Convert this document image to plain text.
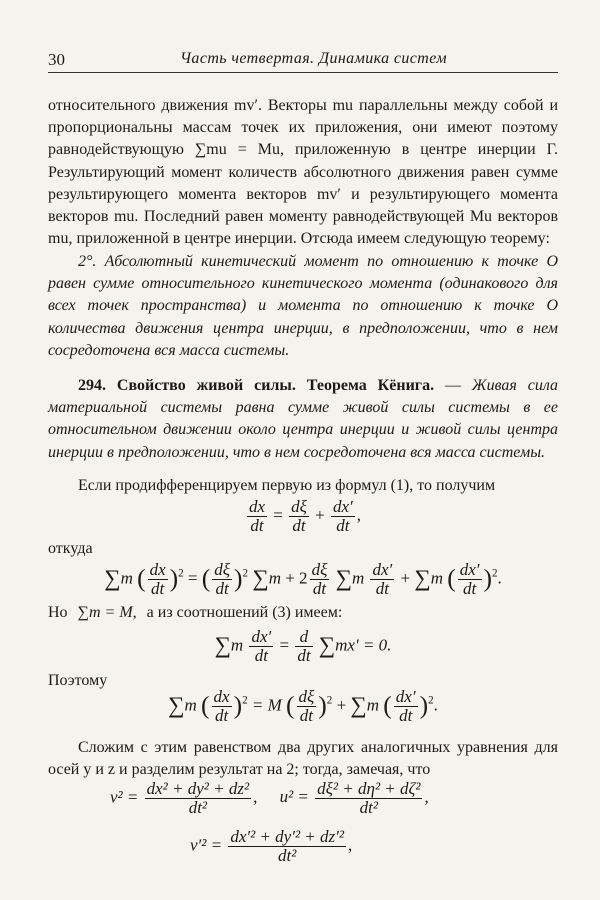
30	Часть четвертая. Динамика систем

относительного движения mv′. Векторы mu параллельны между собой и пропорциональны массам точек их приложения, они имеют поэтому равнодействующую ∑mu = Mu, приложенную в центре инерции Γ. Результирующий момент количеств абсолютного движения равен сумме результирующего момента векторов mv′ и результирующего момента векторов mu. Последний равен моменту равнодействующей Mu векторов mu, приложенной в центре инерции. Отсюда имеем следующую теорему:

2°. Абсолютный кинетический момент по отношению к точке O равен сумме относительного кинетического момента (одинакового для всех точек пространства) и момента по отношению к точке O количества движения центра инерции, в предположении, что в нем сосредоточена вся масса системы.

294. Свойство живой силы. Теорема Кёнига. — Живая сила материальной системы равна сумме живой силы системы в ее относительном движении около центра инерции и живой силы центра инерции в предположении, что в нем сосредоточена вся масса системы.

Если продифференцируем первую из формул (1), то получим

$\frac{dx}{dt} = \frac{d\xi}{dt} + \frac{dx'}{dt}$ ,
откуда
∑m ( $\frac{dx}{dt} )^2$ = ( $\frac{d\xi}{dt} )^2$ $\sum m + 2 \frac{d\xi}{dt} \sum m \frac{dx'}{dt} + \sum m$ ( $\frac{dx'}{dt} )^2$.
Но ∑m = M, а из соотношений (3) имеем:
$\sum m \frac{dx'}{dt} = \frac{d}{dt} \sum mx' = 0$.
Поэтому
∑m ( $\frac{dx}{dt} )^2 = M$ ( $\frac{d\xi}{dt} )^2 + \sum m$ ( $\frac{dx'}{dt} )^2$.

Сложим с этим равенством два других аналогичных уравнения для осей y и z и разделим результат на 2; тогда, замечая, что

$v^2 = \frac{\text{dx² + dy² + dz²}}{\text{dt²}}$ , $u^2 = \frac{\text{dξ² + dη² + dζ²}}{\text{dt²}}$ ,
$v'^2 = \frac{\text{dx′² + dy′² + dz′²}}{\text{dt²}}$ ,
